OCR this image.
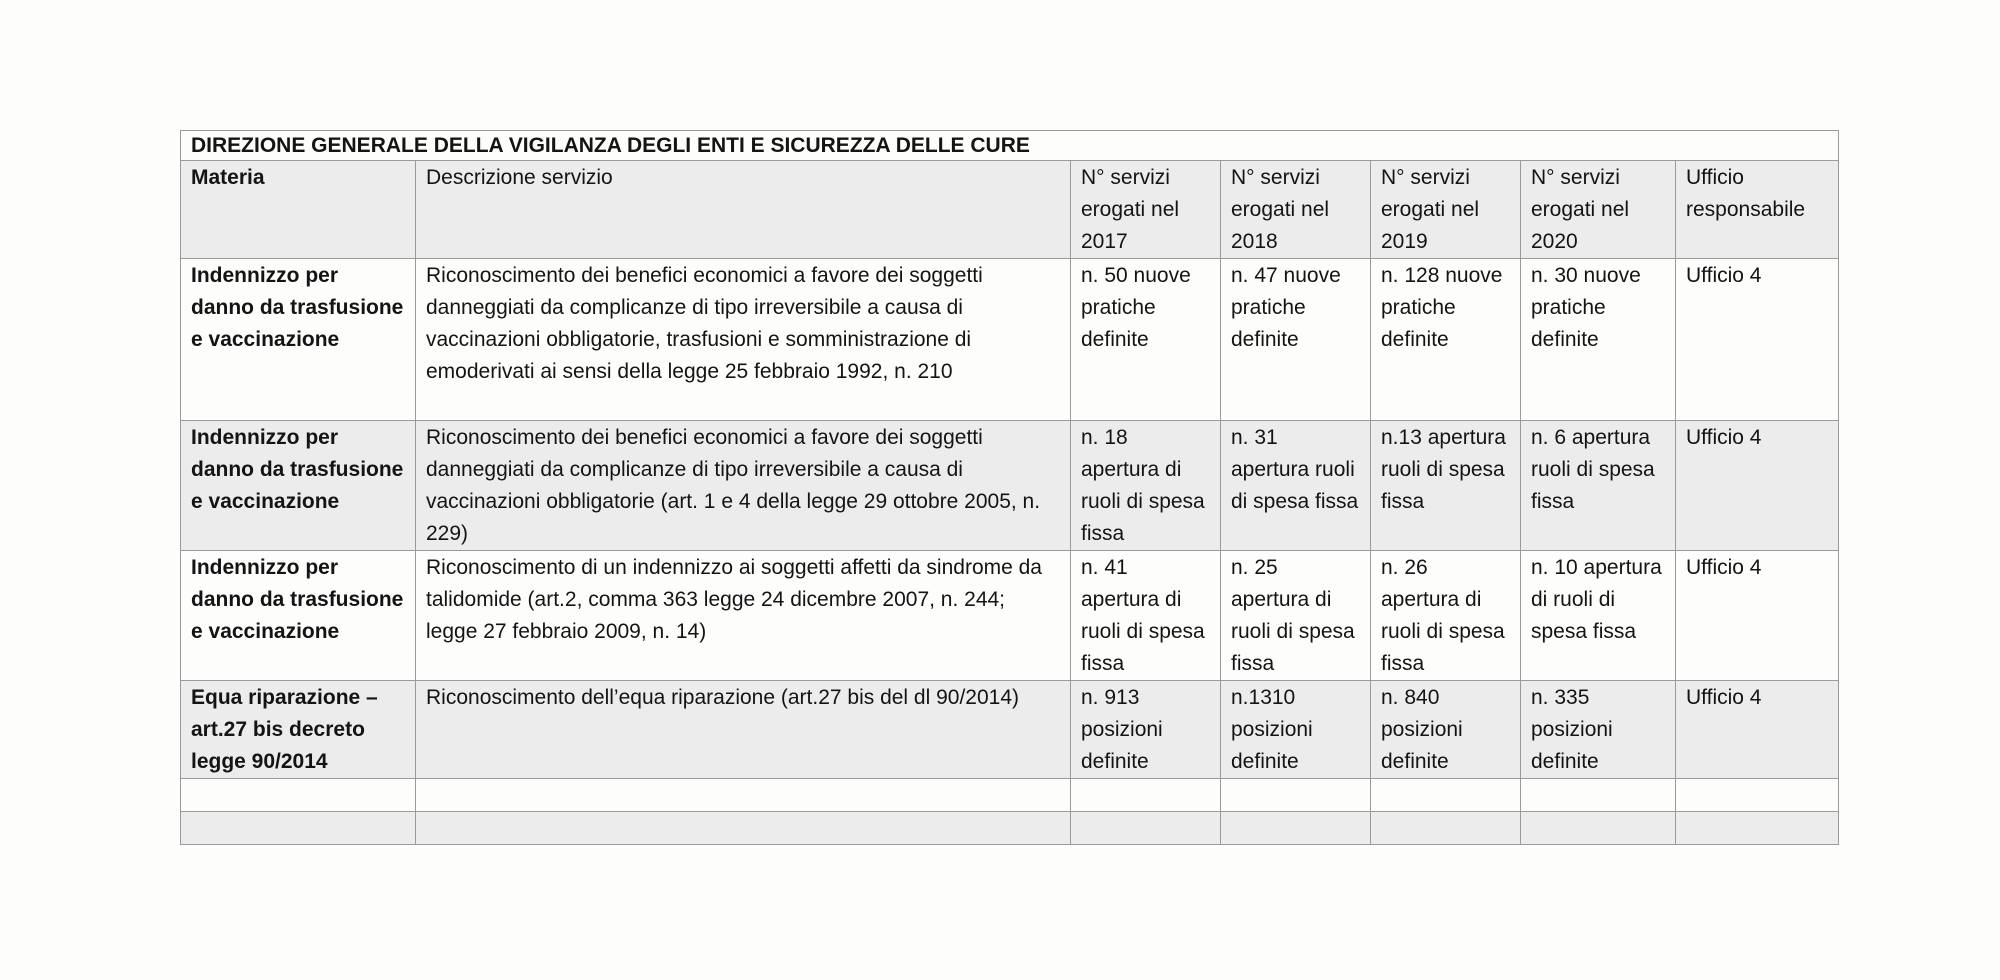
DIREZIONE GENERALE DELLA VIGILANZA DEGLI ENTI E SICUREZZA DELLE CURE						
Materia	Descrizione servizio	N° servizi erogati nel 2017	N° servizi erogati nel 2018	N° servizi erogati nel 2019	N° servizi erogati nel 2020	Ufficio responsabile
Indennizzo per danno da trasfusione e vaccinazione	Riconoscimento dei benefici economici a favore dei soggetti danneggiati da complicanze di tipo irreversibile a causa di vaccinazioni obbligatorie, trasfusioni e somministrazione di emoderivati ai sensi della legge 25 febbraio 1992, n. 210	n. 50 nuove pratiche definite	n. 47 nuove pratiche definite	n. 128 nuove pratiche definite	n. 30 nuove pratiche definite	Ufficio 4
Indennizzo per danno da trasfusione e vaccinazione	Riconoscimento dei benefici economici a favore dei soggetti danneggiati da complicanze di tipo irreversibile a causa di vaccinazioni obbligatorie (art. 1 e 4 della legge 29 ottobre 2005, n. 229)	n. 18 apertura di ruoli di spesa fissa	n. 31 apertura ruoli di spesa fissa	n.13 apertura ruoli di spesa fissa	n. 6 apertura ruoli di spesa fissa	Ufficio 4
Indennizzo per danno da trasfusione e vaccinazione	Riconoscimento di un indennizzo ai soggetti affetti da sindrome da talidomide (art.2, comma 363 legge 24 dicembre 2007, n. 244; legge 27 febbraio 2009, n. 14)	n. 41 apertura di ruoli di spesa fissa	n. 25 apertura di ruoli di spesa fissa	n. 26 apertura di ruoli di spesa fissa	n. 10 apertura di ruoli di spesa fissa	Ufficio 4
Equa riparazione – art.27 bis decreto legge 90/2014	Riconoscimento dell’equa riparazione (art.27 bis del dl 90/2014)	n. 913 posizioni definite	n.1310 posizioni definite	n. 840 posizioni definite	n. 335 posizioni definite	Ufficio 4
